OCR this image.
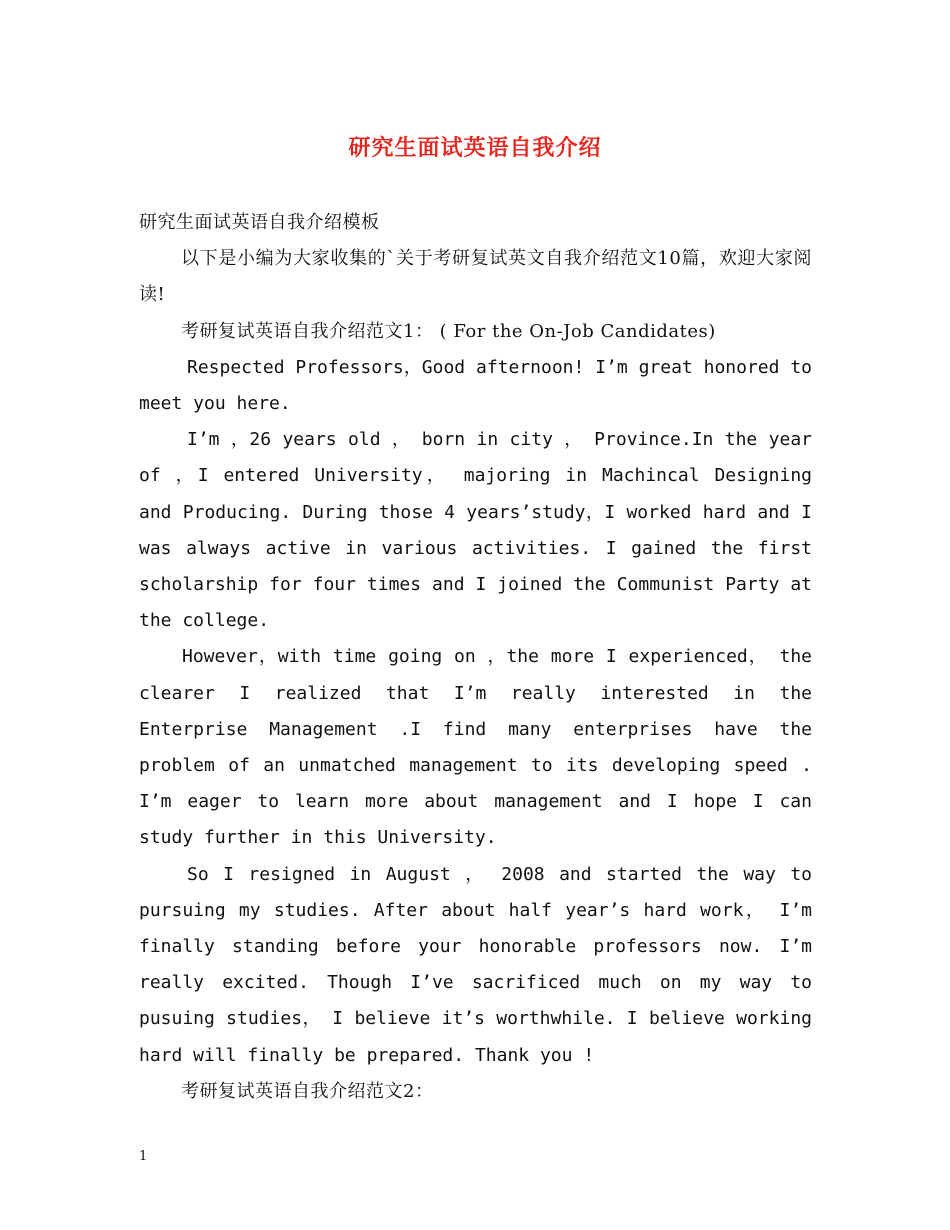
研究生面试英语自我介绍

研究生面试英语自我介绍模板

以下是小编为大家收集的`关于考研复试英文自我介绍范文10篇，欢迎大家阅读!

考研复试英语自我介绍范文1： ( For the On-Job Candidates)

Respected Professors，Good afternoon! I’m great honored to meet you here.

I’m ，26 years old ， born in city ， Province.In the year of ，I entered University， majoring in Machincal Designing and Producing. During those 4 years’study，I worked hard and I was always active in various activities. I gained the first scholarship for four times and I joined the Communist Party at the college.

However，with time going on ，the more I experienced， the clearer I realized that I’m really interested in the Enterprise Management .I find many enterprises have the problem of an unmatched management to its developing speed . I’m eager to learn more about management and I hope I can study further in this University.

So I resigned in August ， 2008 and started the way to pursuing my studies. After about half year’s hard work， I’m finally standing before your honorable professors now. I’m really excited. Though I’ve sacrificed much on my way to pusuing studies， I believe it’s worthwhile. I believe working hard will finally be prepared. Thank you !

考研复试英语自我介绍范文2：

1
